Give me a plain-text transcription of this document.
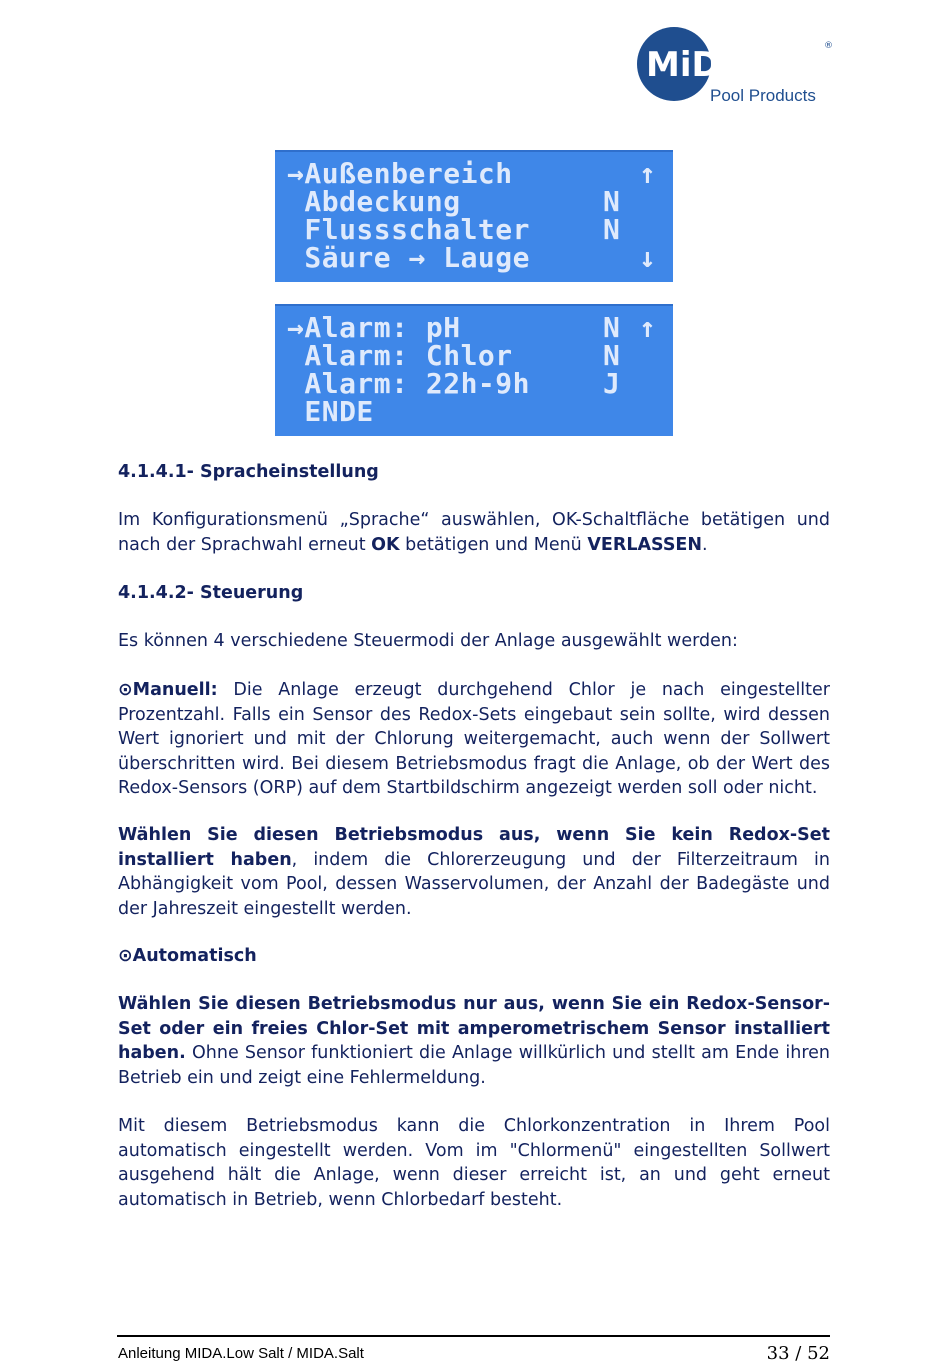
MiDAS	®
Pool Products
→Außenbereich	↑
Abdeckung	N
Flussschalter	N
Säure → Lauge	↓
→Alarm: pH	N ↑
Alarm: Chlor	N
Alarm: 22h-9h	J
ENDE
4.1.4.1- Spracheinstellung
Im Konfigurationsmenü „Sprache“ auswählen, OK-Schaltfläche betätigen und nach der Sprachwahl erneut OK betätigen und Menü VERLASSEN.
4.1.4.2- Steuerung
Es können 4 verschiedene Steuermodi der Anlage ausgewählt werden:
⊙Manuell: Die Anlage erzeugt durchgehend Chlor je nach eingestellter Prozentzahl. Falls ein Sensor des Redox-Sets eingebaut sein sollte, wird dessen Wert ignoriert und mit der Chlorung weitergemacht, auch wenn der Sollwert überschritten wird. Bei diesem Betriebsmodus fragt die Anlage, ob der Wert des Redox-Sensors (ORP) auf dem Startbildschirm angezeigt werden soll oder nicht.
Wählen Sie diesen Betriebsmodus aus, wenn Sie kein Redox-Set installiert haben, indem die Chlorerzeugung und der Filterzeitraum in Abhängigkeit vom Pool, dessen Wasservolumen, der Anzahl der Badegäste und der Jahreszeit eingestellt werden.
⊙Automatisch
Wählen Sie diesen Betriebsmodus nur aus, wenn Sie ein Redox-Sensor-Set oder ein freies Chlor-Set mit amperometrischem Sensor installiert haben. Ohne Sensor funktioniert die Anlage willkürlich und stellt am Ende ihren Betrieb ein und zeigt eine Fehlermeldung.
Mit diesem Betriebsmodus kann die Chlorkonzentration in Ihrem Pool automatisch eingestellt werden. Vom im "Chlormenü" eingestellten Sollwert ausgehend hält die Anlage, wenn dieser erreicht ist, an und geht erneut automatisch in Betrieb, wenn Chlorbedarf besteht.
Anleitung MIDA.Low Salt / MIDA.Salt	33 / 52
